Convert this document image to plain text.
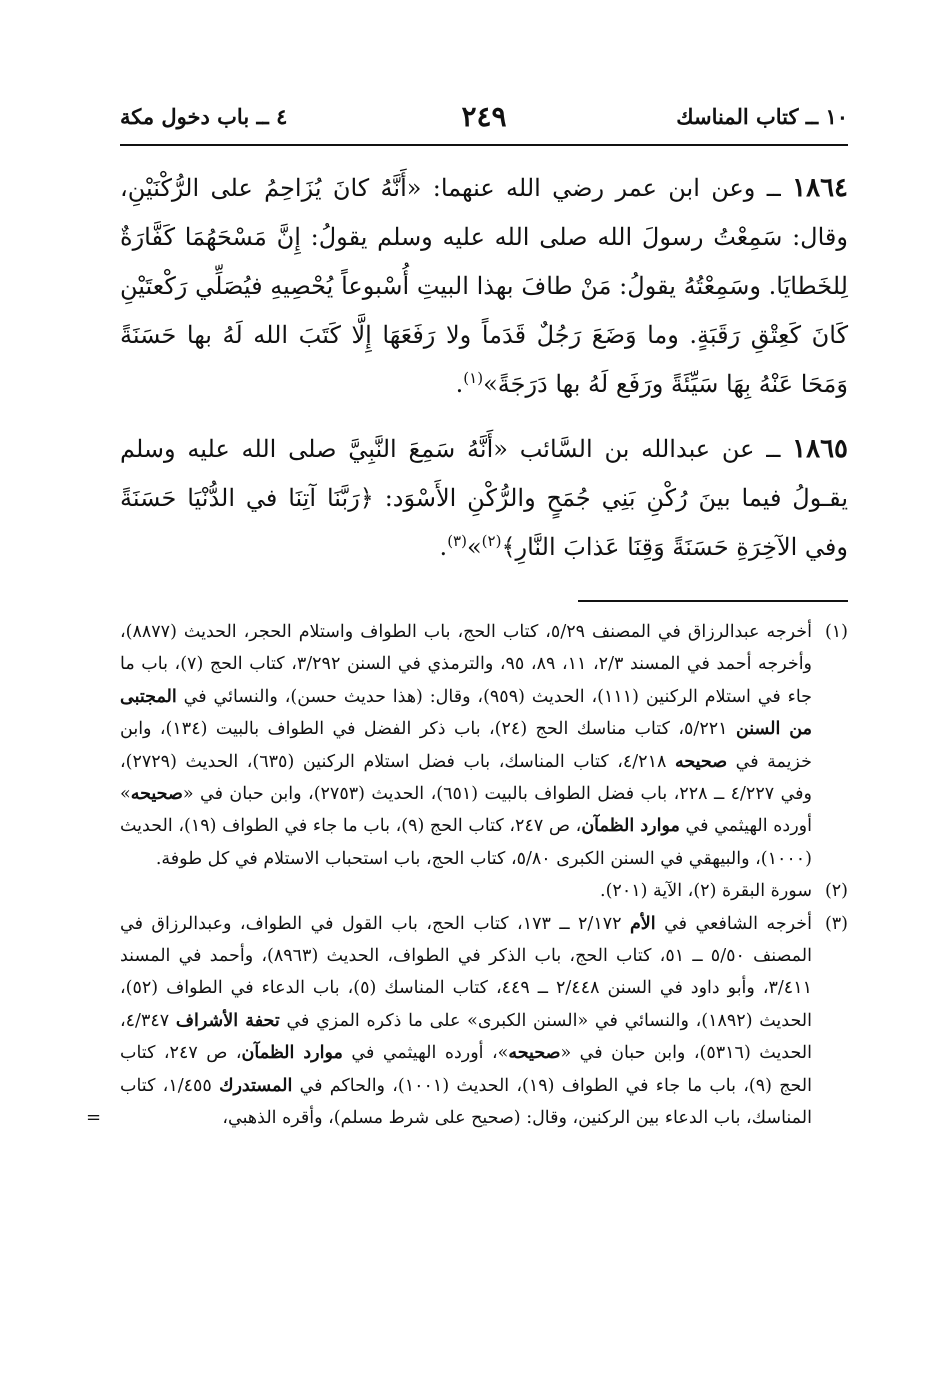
١٠ ــ كتاب المناسك
٢٤٩
٤ ــ باب دخول مكة

١٨٦٤ ــ وعن ابن عمر رضي الله عنهما: «أَنَّهُ كانَ يُزَاحِمُ على الرُّكْنَيْنِ، وقال: سَمِعْتُ رسولَ الله صلى الله عليه وسلم يقولُ: إِنَّ مَسْحَهُمَا كَفَّارَةٌ لِلخَطايَا. وسَمِعْتُهُ يقولُ: مَنْ طافَ بهذا البيتِ أُسْبوعاً يُحْصِيهِ فيُصَلِّي رَكْعتَيْنِ كَانَ كَعِتْقِ رَقَبَةٍ. وما وَضَعَ رَجُلٌ قَدَماً ولا رَفَعَهَا إِلَّا كَتَبَ الله لَهُ بها حَسَنَةً وَمَحَا عَنْهُ بِهَا سَيِّئَةً ورَفَع لَهُ بها دَرَجَةً»$^{(١)}$.

١٨٦٥ ــ عن عبدالله بن السَّائب «أَنَّهُ سَمِعَ النَّبِيَّ صلى الله عليه وسلم يقـولُ فيما بينَ رُكْنِ بَنِي جُمَحٍ والرُّكْنِ الأَسْوَد: ﴿رَبَّنَا آتِنَا في الدُّنْيَا حَسَنَةً وفي الآخِرَةِ حَسَنَةً وَقِنَا عَذابَ النَّارِ﴾$^{(٢)}$»$^{(٣)}$.

(١)
أخرجه عبدالرزاق في المصنف ٥/٢٩، كتاب الحج، باب الطواف واستلام الحجر، الحديث (٨٨٧٧)، وأخرجه أحمد في المسند ٢/٣، ١١، ٨٩، ٩٥، والترمذي في السنن ٣/٢٩٢، كتاب الحج (٧)، باب ما جاء في استلام الركنين (١١١)، الحديث (٩٥٩)، وقال: (هذا حديث حسن)، والنسائي في المجتبى من السنن ٥/٢٢١، كتاب مناسك الحج (٢٤)، باب ذكر الفضل في الطواف بالبيت (١٣٤)، وابن خزيمة في صحيحه ٤/٢١٨، كتاب المناسك، باب فضل استلام الركنين (٦٣٥)، الحديث (٢٧٢٩)، وفي ٤/٢٢٧ ــ ٢٢٨، باب فضل الطواف بالبيت (٦٥١)، الحديث (٢٧٥٣)، وابن حبان في «صحيحه» أورده الهيثمي في موارد الظمآن، ص ٢٤٧، كتاب الحج (٩)، باب ما جاء في الطواف (١٩)، الحديث (١٠٠٠)، والبيهقي في السنن الكبرى ٥/٨٠، كتاب الحج، باب استحباب الاستلام في كل طوفة.
(٢)
سورة البقرة (٢)، الآية (٢٠١).
(٣)
أخرجه الشافعي في الأم ٢/١٧٢ ــ ١٧٣، كتاب الحج، باب القول في الطواف، وعبدالرزاق في المصنف ٥/٥٠ ــ ٥١، كتاب الحج، باب الذكر في الطواف، الحديث (٨٩٦٣)، وأحمد في المسند ٣/٤١١، وأبو داود في السنن ٢/٤٤٨ ــ ٤٤٩، كتاب المناسك (٥)، باب الدعاء في الطواف (٥٢)، الحديث (١٨٩٢)، والنسائي في «السنن الكبرى» على ما ذكره المزي في تحفة الأشراف ٤/٣٤٧، الحديث (٥٣١٦)، وابن حبان في «صحيحه»، أورده الهيثمي في موارد الظمآن، ص ٢٤٧، كتاب الحج (٩)، باب ما جاء في الطواف (١٩)، الحديث (١٠٠١)، والحاكم في المستدرك ١/٤٥٥، كتاب المناسك، باب الدعاء بين الركنين، وقال: (صحيح على شرط مسلم)، وأقره الذهبي،
=
